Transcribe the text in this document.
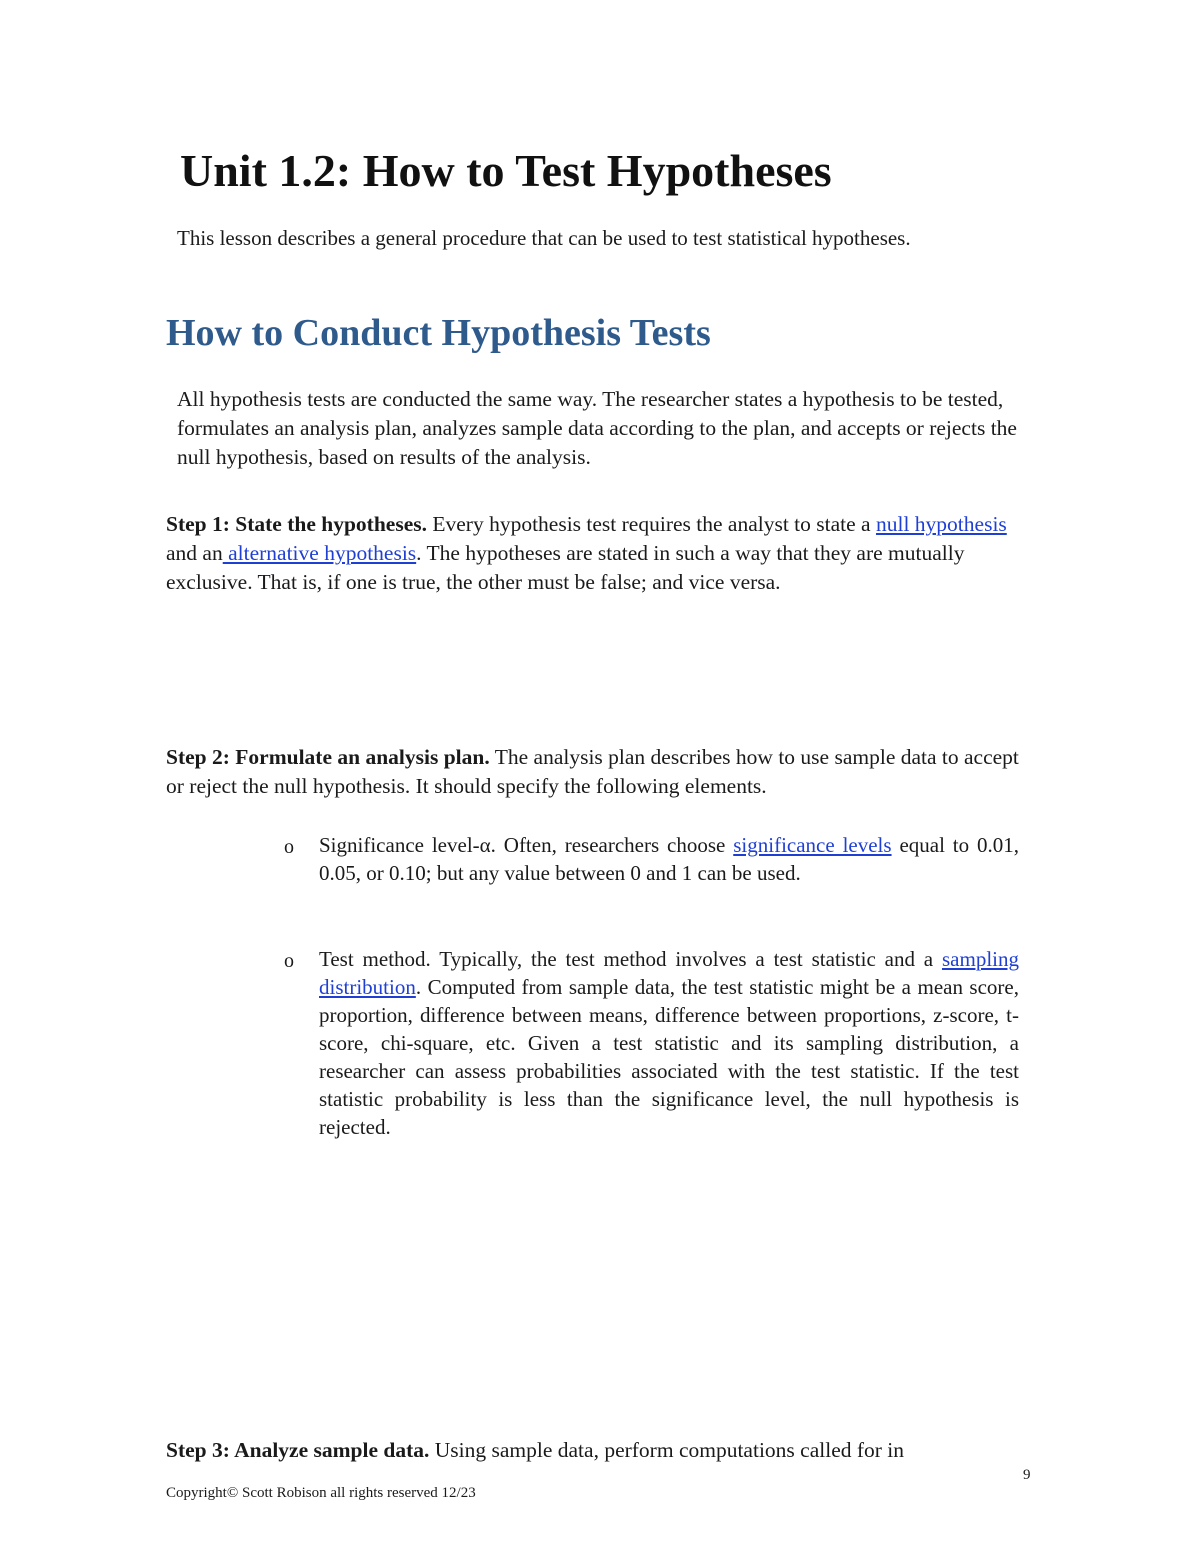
Unit 1.2: How to Test Hypotheses
This lesson describes a general procedure that can be used to test statistical hypotheses.
How to Conduct Hypothesis Tests
All hypothesis tests are conducted the same way. The researcher states a hypothesis to be tested, formulates an analysis plan, analyzes sample data according to the plan, and accepts or rejects the null hypothesis, based on results of the analysis.
Step 1: State the hypotheses. Every hypothesis test requires the analyst to state a null hypothesis and an alternative hypothesis. The hypotheses are stated in such a way that they are mutually exclusive. That is, if one is true, the other must be false; and vice versa.
Step 2: Formulate an analysis plan. The analysis plan describes how to use sample data to accept or reject the null hypothesis. It should specify the following elements.
o Significance level-α. Often, researchers choose significance levels equal to 0.01, 0.05, or 0.10; but any value between 0 and 1 can be used.
o Test method. Typically, the test method involves a test statistic and a sampling distribution. Computed from sample data, the test statistic might be a mean score, proportion, difference between means, difference between proportions, z-score, t-score, chi-square, etc. Given a test statistic and its sampling distribution, a researcher can assess probabilities associated with the test statistic. If the test statistic probability is less than the significance level, the null hypothesis is rejected.
Step 3: Analyze sample data. Using sample data, perform computations called for in
9
Copyright© Scott Robison all rights reserved 12/23
